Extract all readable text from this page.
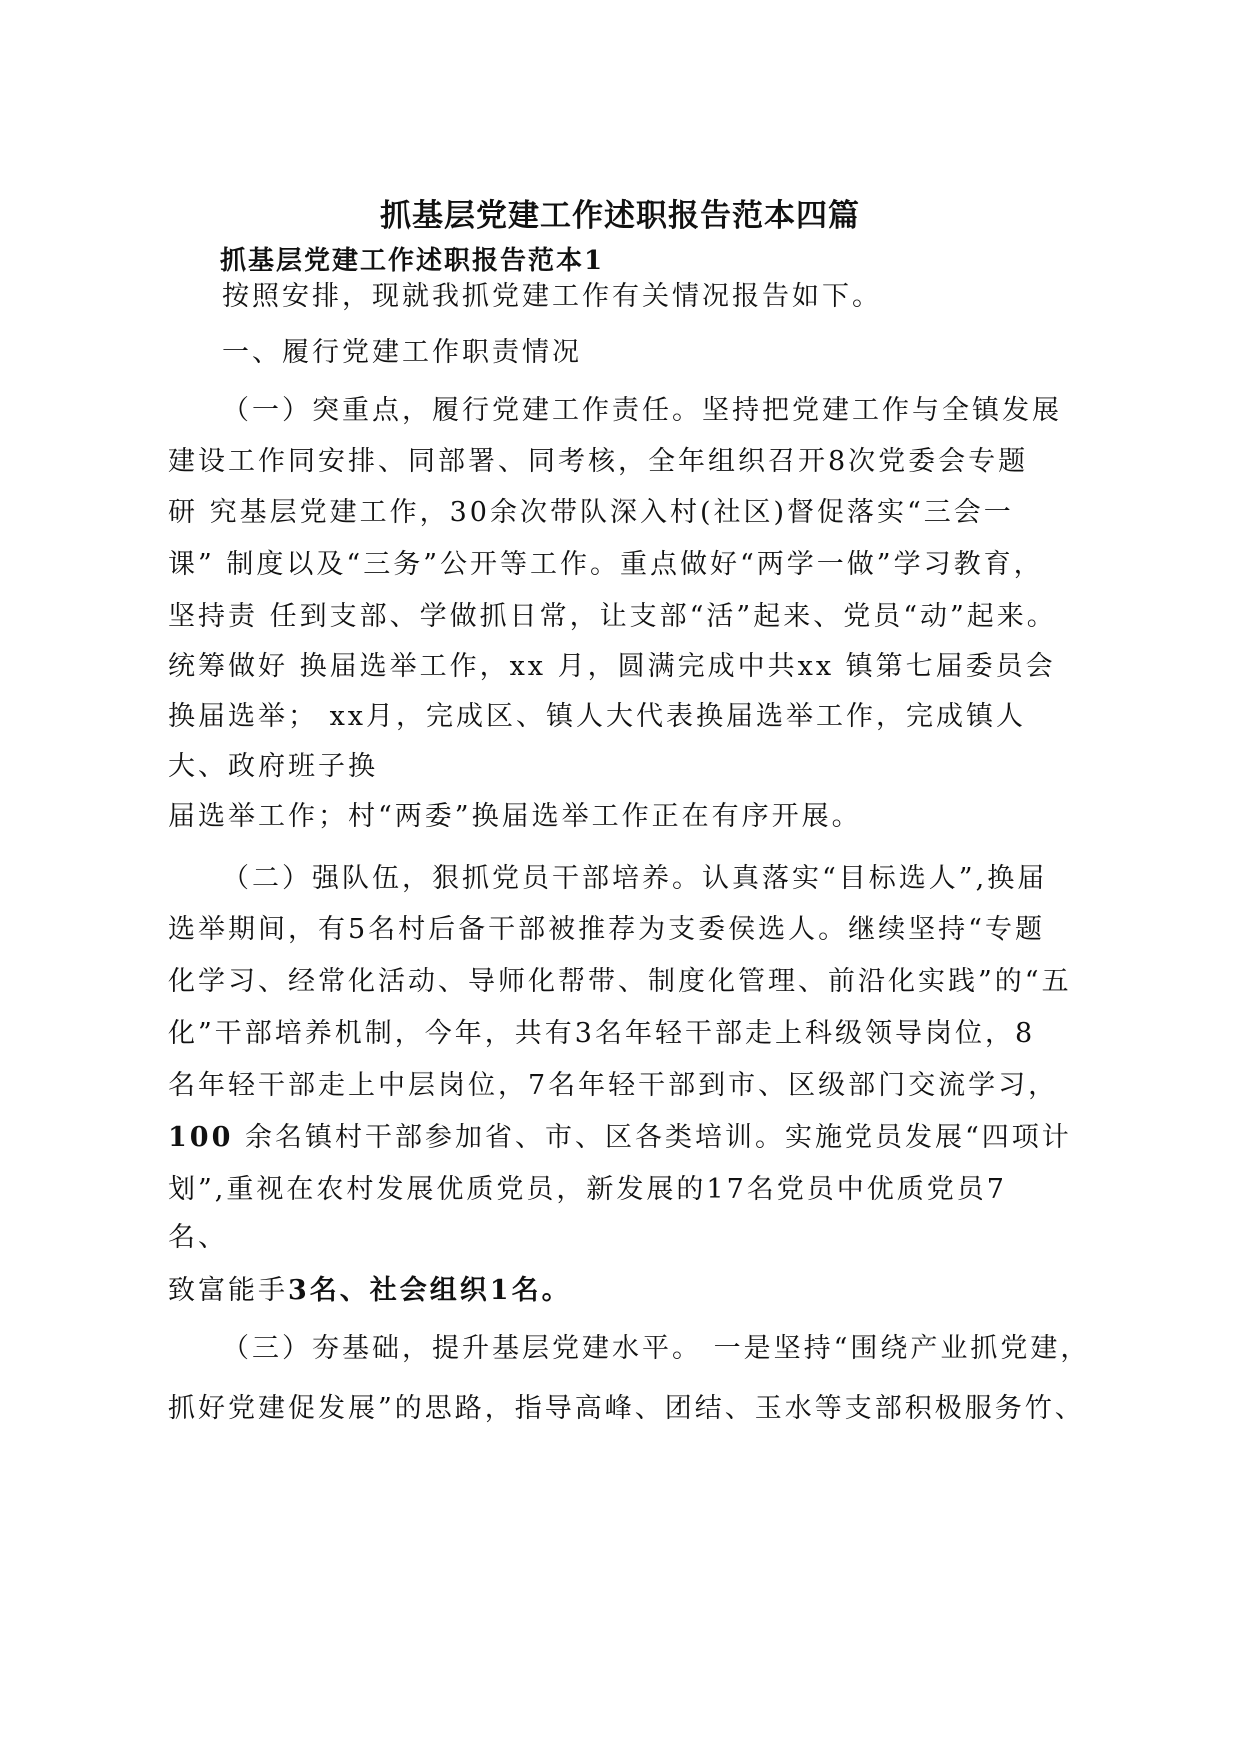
抓基层党建工作述职报告范本四篇
抓基层党建工作述职报告范本1
按照安排，现就我抓党建工作有关情况报告如下。
一、履行党建工作职责情况
（一）突重点，履行党建工作责任。坚持把党建工作与全镇发展
建设工作同安排、同部署、同考核，全年组织召开8次党委会专题
研 究基层党建工作，30余次带队深入村(社区)督促落实“三会一
课” 制度以及“三务”公开等工作。重点做好“两学一做”学习教育，
坚持责 任到支部、学做抓日常，让支部“活”起来、党员“动”起来。
统筹做好 换届选举工作，xx 月，圆满完成中共xx 镇第七届委员会
换届选举； xx月，完成区、镇人大代表换届选举工作，完成镇人
大、政府班子换
届选举工作；村“两委”换届选举工作正在有序开展。
（二）强队伍，狠抓党员干部培养。认真落实“目标选人”,换届
选举期间，有5名村后备干部被推荐为支委侯选人。继续坚持“专题
化学习、经常化活动、导师化帮带、制度化管理、前沿化实践”的“五
化”干部培养机制，今年，共有3名年轻干部走上科级领导岗位，8
名年轻干部走上中层岗位，7名年轻干部到市、区级部门交流学习，
100 余名镇村干部参加省、市、区各类培训。实施党员发展“四项计
划”,重视在农村发展优质党员，新发展的17名党员中优质党员7
名、
致富能手3名、社会组织1名。
（三）夯基础，提升基层党建水平。 一是坚持“围绕产业抓党建，
抓好党建促发展”的思路，指导高峰、团结、玉水等支部积极服务竹、
